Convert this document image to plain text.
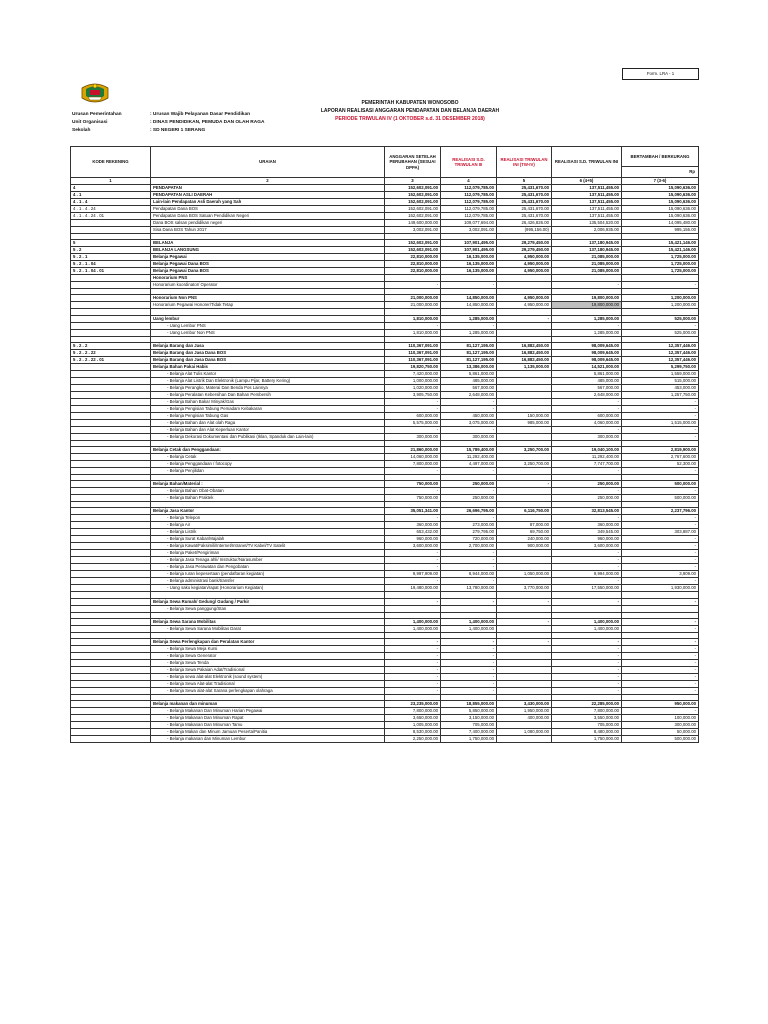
Form. LRA - 1
PEMERINTAH KABUPATEN WONOSOBO
LAPORAN REALISASI ANGGARAN PENDAPATAN DAN BELANJA DAERAH
PERIODE TRIWULAN IV (1 OKTOBER s.d. 31 DESEMBER 2018)
Urusan Pemerintahan	: Urusan Wajib Pelayanan Dasar Pendidikan
Unit Organisasi	: DINAS PENDIDIKAN, PEMUDA DAN OLAH RAGA
Sekolah	: SD NEGERI 1 SERANG
KODE REKENING	URAIAN	ANGGARAN SETELAH PERUBAHAN (SESUAI DPPA)	REALISASI S.D. TRIWULAN III	REALISASI TRIWULAN INI (TW-IV)	REALISASI S.D. TRIWULAN INI	BERTAMBAH / BERKURANG
Rp

1	2	3	4	5	6 (4+5)	7 (3-6)
4	PENDAPATAN	152,602,091.00	112,079,785.00	25,431,670.00	137,511,455.00	15,090,636.00
4 . 1	PENDAPATAN ASLI DAERAH	152,602,091.00	112,079,785.00	25,431,670.00	137,511,455.00	15,090,636.00
4 . 1 . 4	Lain-lain Pendapatan Asli Daerah yang Sah	152,602,091.00	112,079,785.00	25,431,670.00	137,511,455.00	15,090,636.00
4 . 1 . 4 . 24	Pendapatan Dana BOS	152,602,091.00	112,079,785.00	25,431,670.00	137,511,455.00	15,090,636.00
4 . 1 . 4 . 24 . 01	Pendapatan Dana BOS Satuan Pendidikan Negeri	152,602,091.00	112,079,785.00	25,431,670.00	137,511,455.00	15,090,636.00
	Dana BOS salsan pendidikan negeri	149,600,000.00	109,077,694.00	26,426,826.00	135,504,520.00	14,095,480.00
	Sisa Dana BOS Tahun 2017	3,002,091.00	3,002,091.00	(995,156.00)	2,006,935.00	995,156.00

5	BELANJA	152,602,091.00	107,901,495.00	29,279,450.00	137,180,945.00	15,421,146.00
5 . 2	BELANJA LANGSUNG	152,602,091.00	107,901,495.00	29,279,450.00	137,180,945.00	15,421,146.00
5 . 2 . 1	Belanja Pegawai	22,810,000.00	16,135,000.00	4,950,000.00	21,085,000.00	1,725,000.00
5 . 2 . 1 . 04	Belanja Pegawai Dana BOS	22,810,000.00	16,135,000.00	4,950,000.00	21,085,000.00	1,725,000.00
5 . 2 . 1 . 04 . 01	Belanja Pegawai Dana BOS	22,810,000.00	16,135,000.00	4,950,000.00	21,085,000.00	1,725,000.00
	Honorarium PNS					
	Honorarium koordinator/ Operator	-	-		-	-

	Honorarium Non PNS	21,000,000.00	14,850,000.00	4,950,000.00	19,800,000.00	1,200,000.00
	Honorarium Pegawai Honorer/Tidak Tetap	21,000,000.00	14,850,000.00	4,950,000.00	19,800,000.00	1,200,000.00

	Uang lembur	1,810,000.00	1,285,000.00	-	1,285,000.00	525,000.00
	- Uang Lembur PNS	-	-		-	-
	- Uang Lembur Non PNS	1,810,000.00	1,285,000.00		1,285,000.00	525,000.00

5 . 2 . 2	Belanja Barang dan Jasa	110,367,091.00	81,127,195.00	16,882,450.00	98,009,645.00	12,357,446.00
5 . 2 . 2 . 22	Belanja Barang dan Jasa Dana BOS	110,367,091.00	81,127,195.00	16,882,450.00	98,009,645.00	12,357,446.00
5 . 2 . 2 . 22 . 01	Belanja Barang dan Jasa Dana BOS	110,367,091.00	81,127,195.00	16,882,450.00	98,009,645.00	12,357,446.00
	Belanja Bahan Pakai Habis	19,820,750.00	13,386,000.00	1,135,000.00	14,521,000.00	5,299,750.00
	- Belanja Alat Tulis Kantor	7,420,000.00	5,861,000.00		5,861,000.00	1,559,000.00
	- Belanja Alat Listrik Dan Elektronik (Lampu Pijar, Battery Kering)	1,000,000.00	485,000.00		485,000.00	515,000.00
	- Belanja Perangko, Materai Dan Benda Pos Lainnya	1,020,000.00	567,000.00		567,000.00	453,000.00
	- Belanja Peralatan Kebersihan Dan Bahan Pembersih	3,905,750.00	2,648,000.00		2,648,000.00	1,257,750.00
	- Belanja Bahan Bakar Minyak/Gas	-	-		-	-
	- Belanja Pengisian Tabung Pemadam Kebakaran	-	-		-	-
	- Belanja Pengisian Tabung Gas	600,000.00	450,000.00	150,000.00	600,000.00	-
	- Belanja Bahan dan Alat olah Raga	5,575,000.00	3,075,000.00	985,000.00	4,060,000.00	1,515,000.00
	- Belanja Bahan dan Alat Keperluan Kantor	-	-		-	-
	- Belanja Dekorasi Dokumentasi dan Publikasi (Iklan, Spanduk dan Lain-lain)	300,000.00	300,000.00		300,000.00	-

	Belanja Cetak dan Penggandaan:	21,860,000.00	15,789,400.00	3,250,700.00	19,040,100.00	2,819,900.00
	- Belanja Cetak	14,060,000.00	11,292,400.00		11,292,400.00	2,767,600.00
	- Belanja Penggandaan / fotocopy	7,800,000.00	4,497,000.00	3,250,700.00	7,747,700.00	52,300.00
	- Belanja Penjilidan	-	-		-	-

	Belanja Bahan/Material :	750,000.00	250,000.00	-	250,000.00	500,000.00
	- Belanja Bahan Obat-Obatan	-	-		-	-
	- Belanja Bahan Praktek	750,000.00	250,000.00		250,000.00	500,000.00

	Belanja Jasa Kantor	35,051,341.00	26,696,795.00	6,116,750.00	32,813,545.00	2,237,796.00
	- Belanja Telepon	-	-		-	-
	- Belanja Air	360,000.00	273,000.00	87,000.00	360,000.00	-
	- Belanja Listrik	653,432.00	279,795.00	69,750.00	349,545.00	303,887.00
	- Belanja Surat Kabar/Majalah	960,000.00	720,000.00	240,000.00	960,000.00	-
	- Belanja Kawat/Faksimili/Internet/Intranet/TV Kabel/TV Satelit	3,600,000.00	2,700,000.00	900,000.00	3,600,000.00	-
	- Belanja Paket/Pengiriman	-	-		-	-
	- Belanja Jasa Tenaga ahli/ Instruktur/Narasumber	-	-		-	-
	- Belanja Jasa Perawatan dan Pengobatan	-	-		-	-
	- Belanja Iuran kepesertaan (pendaftaran kegiatan)	9,997,909.00	8,944,000.00	1,050,000.00	9,994,000.00	3,909.00
	- Belanja administrasi bank/transfer	-	-		-	-
	- Uang saku kegiatan/rapat (Honorarium Kegiatan)	19,480,000.00	13,780,000.00	3,770,000.00	17,550,000.00	1,930,000.00

	Belanja Sewa Rumah/ Gedung/ Gudang / Parkir	-	-	-	-	-
	- Belanja Sewa panggung/Stan					

	Belanja Sewa Sarana Mobilitas	1,400,000.00	1,400,000.00	-	1,400,000.00	-
	- Belanja Sewa Sarana Mobilitas Darat	1,400,000.00	1,400,000.00		1,400,000.00	-

	Belanja Sewa Perlengkapan dan Peralatan Kantor	-	-	-	-	-
	- Belanja Sewa Meja Kursi	-	-		-	-
	- Belanja Sewa Generator	-	-		-	-
	- Belanja Sewa Tenda	-	-		-	-
	- Belanja Sewa Pakaian Adat/Tradisional	-	-		-	-
	- Belanja sewa alat-alat Elektronik (sound system)	-	-		-	-
	- Belanja Sewa Alat-alat Tradisional	-	-		-	-
	- Belanja Sewa alat-alat Sarana perlengkapan olahraga	-	-		-	-

	Belanja makanan dan minuman	23,235,000.00	18,855,000.00	3,430,000.00	22,285,000.00	950,000.00
	- Belanja Makanan Dan Minuman Harian Pegawai	7,800,000.00	5,850,000.00	1,950,000.00	7,800,000.00	-
	- Belanja Makanan Dan Minuman Rapat	3,650,000.00	3,150,000.00	400,000.00	3,550,000.00	100,000.00
	- Belanja Makanan Dan Minuman Tamu	1,005,000.00	705,000.00		705,000.00	300,000.00
	- Belanja Makan dan Minum Jamuan Peserta/Panitia	8,530,000.00	7,400,000.00	1,080,000.00	8,480,000.00	50,000.00
	- Belanja makanan dan Minuman Lembur	2,250,000.00	1,750,000.00		1,750,000.00	500,000.00
